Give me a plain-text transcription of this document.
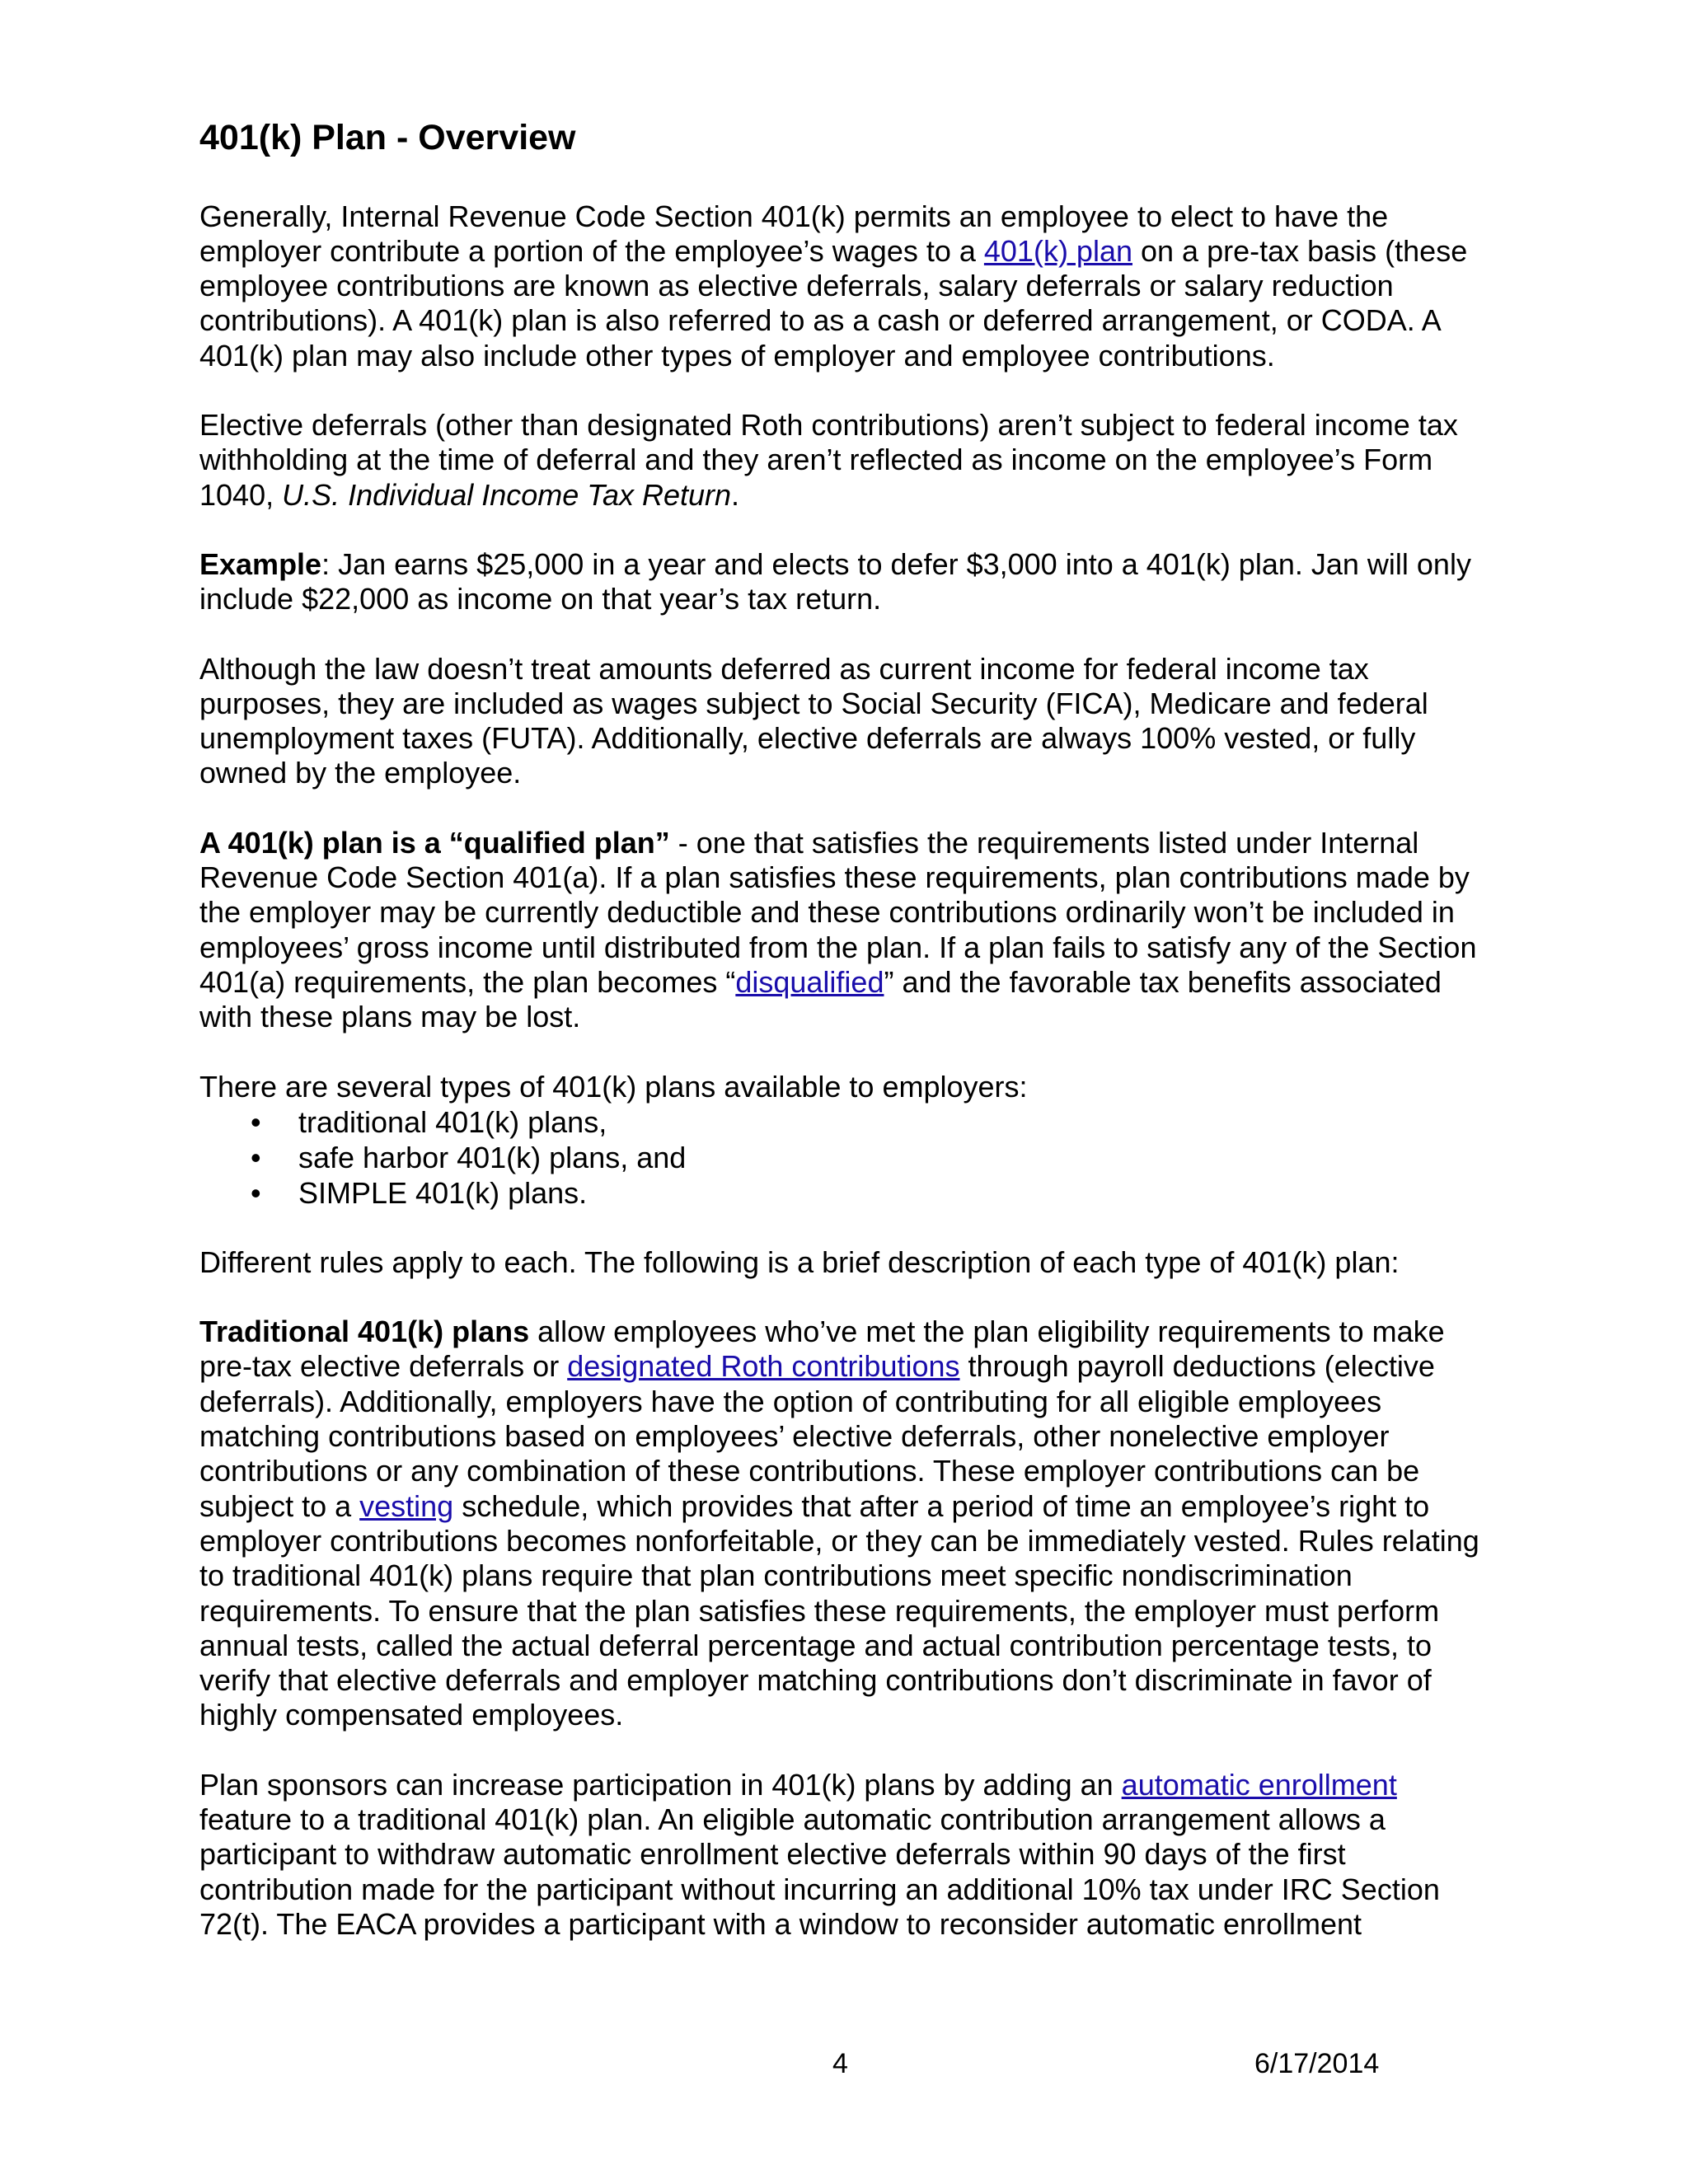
401(k) Plan - Overview

Generally, Internal Revenue Code Section 401(k) permits an employee to elect to have the employer contribute a portion of the employee’s wages to a 401(k) plan on a pre-tax basis (these employee contributions are known as elective deferrals, salary deferrals or salary reduction contributions). A 401(k) plan is also referred to as a cash or deferred arrangement, or CODA. A 401(k) plan may also include other types of employer and employee contributions.

Elective deferrals (other than designated Roth contributions) aren’t subject to federal income tax withholding at the time of deferral and they aren’t reflected as income on the employee’s Form 1040, U.S. Individual Income Tax Return.

Example: Jan earns $25,000 in a year and elects to defer $3,000 into a 401(k) plan. Jan will only include $22,000 as income on that year’s tax return.

Although the law doesn’t treat amounts deferred as current income for federal income tax purposes, they are included as wages subject to Social Security (FICA), Medicare and federal unemployment taxes (FUTA). Additionally, elective deferrals are always 100% vested, or fully owned by the employee.

A 401(k) plan is a “qualified plan” - one that satisfies the requirements listed under Internal Revenue Code Section 401(a). If a plan satisfies these requirements, plan contributions made by the employer may be currently deductible and these contributions ordinarily won’t be included in employees’ gross income until distributed from the plan. If a plan fails to satisfy any of the Section 401(a) requirements, the plan becomes “disqualified” and the favorable tax benefits associated with these plans may be lost.

There are several types of 401(k) plans available to employers:

• traditional 401(k) plans,
• safe harbor 401(k) plans, and
• SIMPLE 401(k) plans.

Different rules apply to each. The following is a brief description of each type of 401(k) plan:

Traditional 401(k) plans allow employees who’ve met the plan eligibility requirements to make pre-tax elective deferrals or designated Roth contributions through payroll deductions (elective deferrals). Additionally, employers have the option of contributing for all eligible employees matching contributions based on employees’ elective deferrals, other nonelective employer contributions or any combination of these contributions. These employer contributions can be subject to a vesting schedule, which provides that after a period of time an employee’s right to employer contributions becomes nonforfeitable, or they can be immediately vested. Rules relating to traditional 401(k) plans require that plan contributions meet specific nondiscrimination requirements. To ensure that the plan satisfies these requirements, the employer must perform annual tests, called the actual deferral percentage and actual contribution percentage tests, to verify that elective deferrals and employer matching contributions don’t discriminate in favor of highly compensated employees.

Plan sponsors can increase participation in 401(k) plans by adding an automatic enrollment feature to a traditional 401(k) plan. An eligible automatic contribution arrangement allows a participant to withdraw automatic enrollment elective deferrals within 90 days of the first contribution made for the participant without incurring an additional 10% tax under IRC Section 72(t). The EACA provides a participant with a window to reconsider automatic enrollment

4	6/17/2014
